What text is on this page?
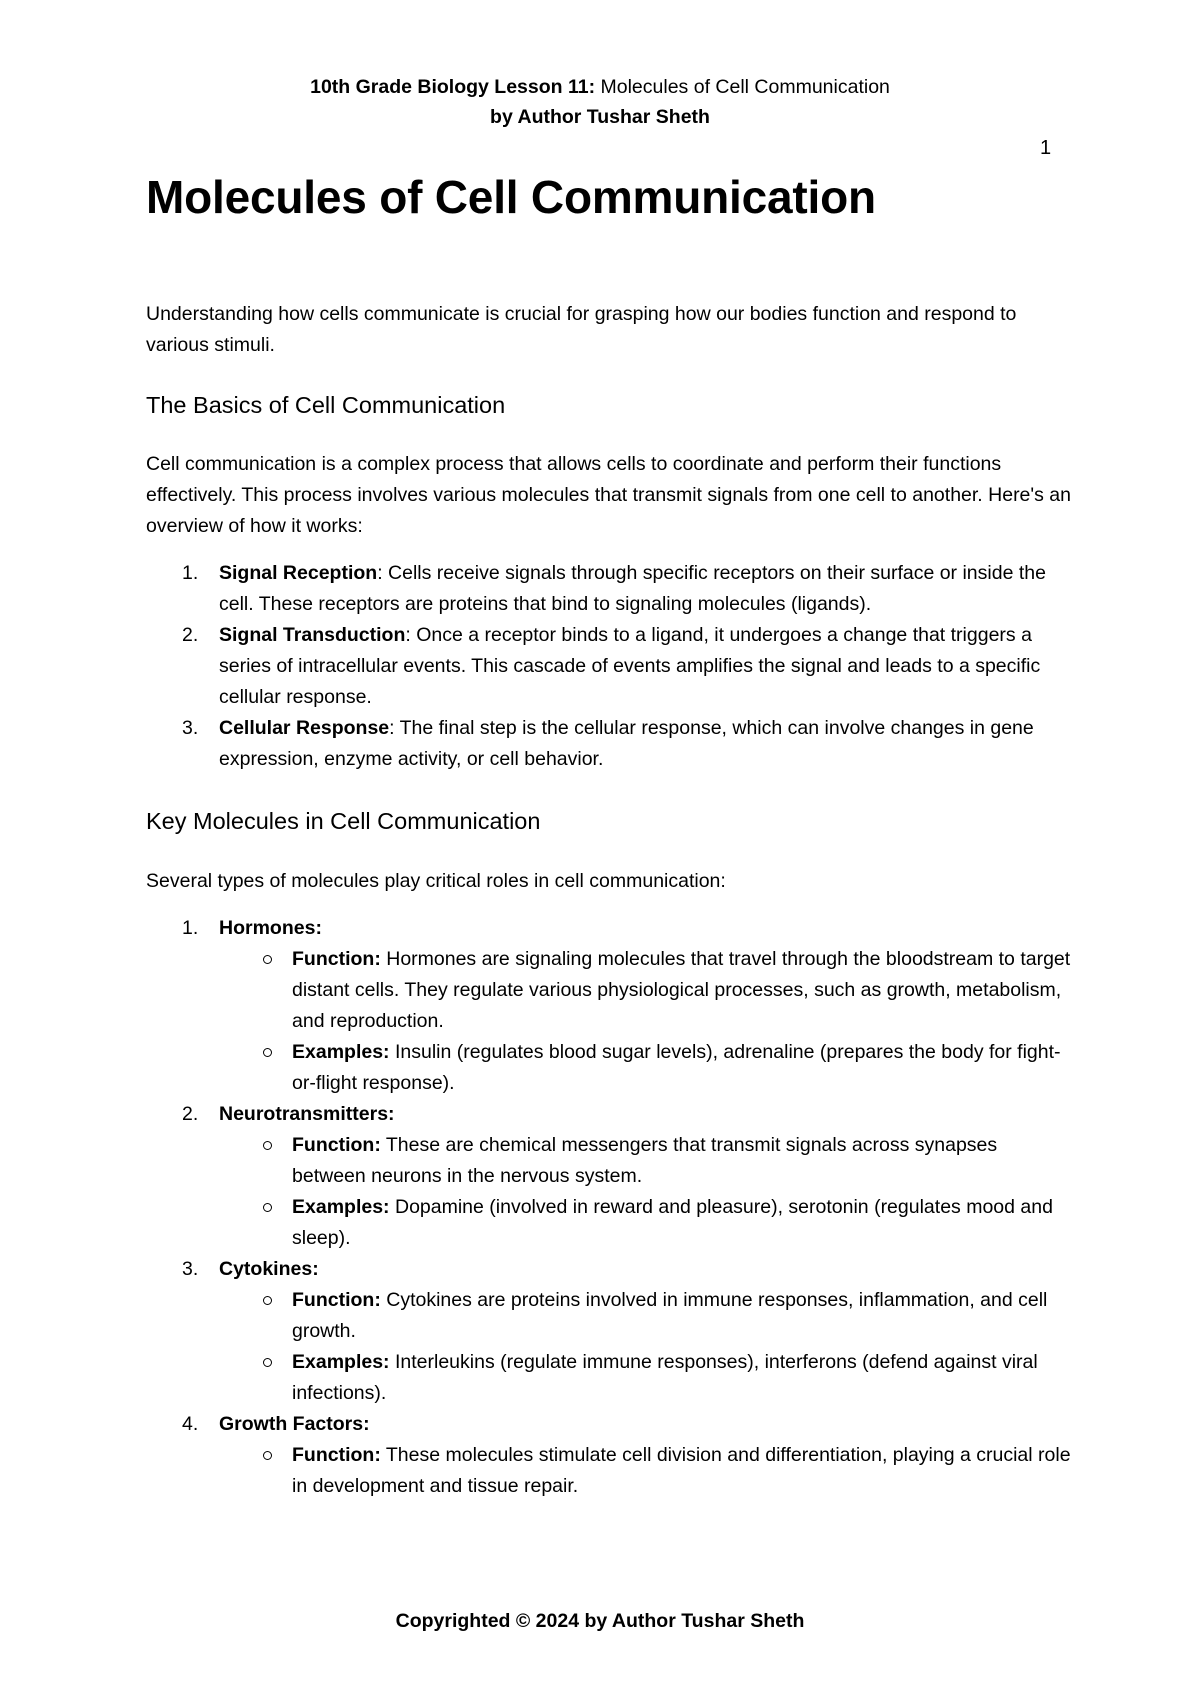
10th Grade Biology Lesson 11: Molecules of Cell Communication
by Author Tushar Sheth
1
Molecules of Cell Communication

Understanding how cells communicate is crucial for grasping how our bodies function and respond to various stimuli.

The Basics of Cell Communication

Cell communication is a complex process that allows cells to coordinate and perform their functions effectively. This process involves various molecules that transmit signals from one cell to another. Here's an overview of how it works:

1. Signal Reception: Cells receive signals through specific receptors on their surface or inside the cell. These receptors are proteins that bind to signaling molecules (ligands).
2. Signal Transduction: Once a receptor binds to a ligand, it undergoes a change that triggers a series of intracellular events. This cascade of events amplifies the signal and leads to a specific cellular response.
3. Cellular Response: The final step is the cellular response, which can involve changes in gene expression, enzyme activity, or cell behavior.
Key Molecules in Cell Communication

Several types of molecules play critical roles in cell communication:

1. Hormones:
Function: Hormones are signaling molecules that travel through the bloodstream to target distant cells. They regulate various physiological processes, such as growth, metabolism, and reproduction.
Examples: Insulin (regulates blood sugar levels), adrenaline (prepares the body for fight-or-flight response).
2. Neurotransmitters:
Function: These are chemical messengers that transmit signals across synapses between neurons in the nervous system.
Examples: Dopamine (involved in reward and pleasure), serotonin (regulates mood and sleep).
3. Cytokines:
Function: Cytokines are proteins involved in immune responses, inflammation, and cell growth.
Examples: Interleukins (regulate immune responses), interferons (defend against viral infections).
4. Growth Factors:
Function: These molecules stimulate cell division and differentiation, playing a crucial role in development and tissue repair.
Copyrighted © 2024 by Author Tushar Sheth
